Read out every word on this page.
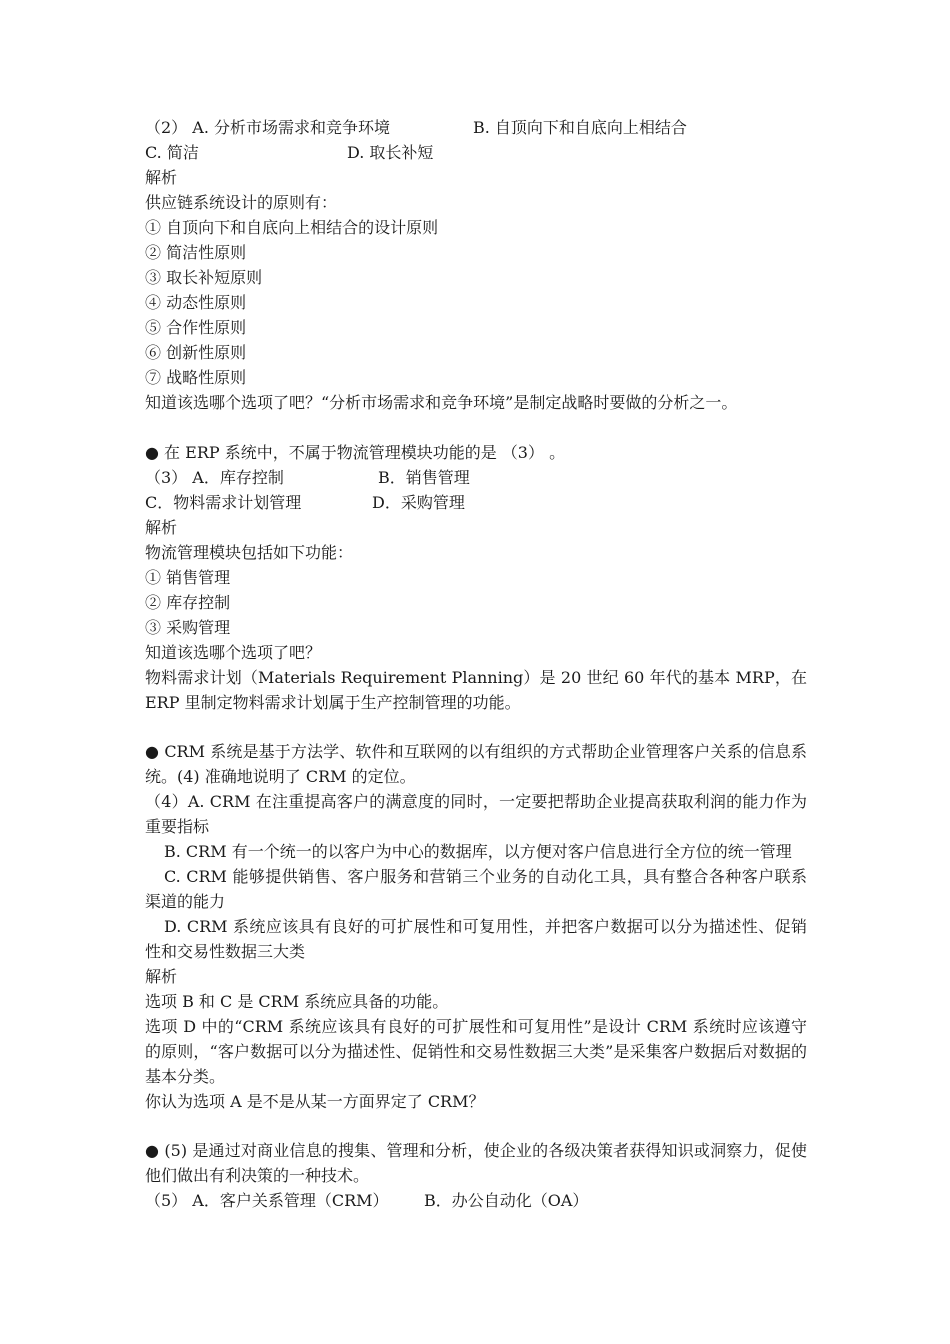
（2） A. 分析市场需求和竞争环境	B. 自顶向下和自底向上相结合
C. 简洁	D. 取长补短
解析
供应链系统设计的原则有：
① 自顶向下和自底向上相结合的设计原则
② 简洁性原则
③ 取长补短原则
④ 动态性原则
⑤ 合作性原则
⑥ 创新性原则
⑦ 战略性原则
知道该选哪个选项了吧？“分析市场需求和竞争环境”是制定战略时要做的分析之一。
● 在 ERP 系统中，不属于物流管理模块功能的是 （3） 。
（3） A．库存控制	B．销售管理
C．物料需求计划管理	D．采购管理
解析
物流管理模块包括如下功能：
① 销售管理
② 库存控制
③ 采购管理
知道该选哪个选项了吧？
物料需求计划（Materials Requirement Planning）是 20 世纪 60 年代的基本 MRP，在 ERP 里制定物料需求计划属于生产控制管理的功能。
● CRM 系统是基于方法学、软件和互联网的以有组织的方式帮助企业管理客户关系的信息系统。(4) 准确地说明了 CRM 的定位。
（4）A. CRM 在注重提高客户的满意度的同时，一定要把帮助企业提高获取利润的能力作为重要指标
B. CRM 有一个统一的以客户为中心的数据库，以方便对客户信息进行全方位的统一管理
C. CRM 能够提供销售、客户服务和营销三个业务的自动化工具，具有整合各种客户联系渠道的能力
D. CRM 系统应该具有良好的可扩展性和可复用性，并把客户数据可以分为描述性、促销性和交易性数据三大类
解析
选项 B 和 C 是 CRM 系统应具备的功能。
选项 D 中的“CRM 系统应该具有良好的可扩展性和可复用性”是设计 CRM 系统时应该遵守的原则，“客户数据可以分为描述性、促销性和交易性数据三大类”是采集客户数据后对数据的基本分类。
你认为选项 A 是不是从某一方面界定了 CRM？
● (5) 是通过对商业信息的搜集、管理和分析，使企业的各级决策者获得知识或洞察力，促使他们做出有利决策的一种技术。
（5） A．客户关系管理（CRM） B．办公自动化（OA）
